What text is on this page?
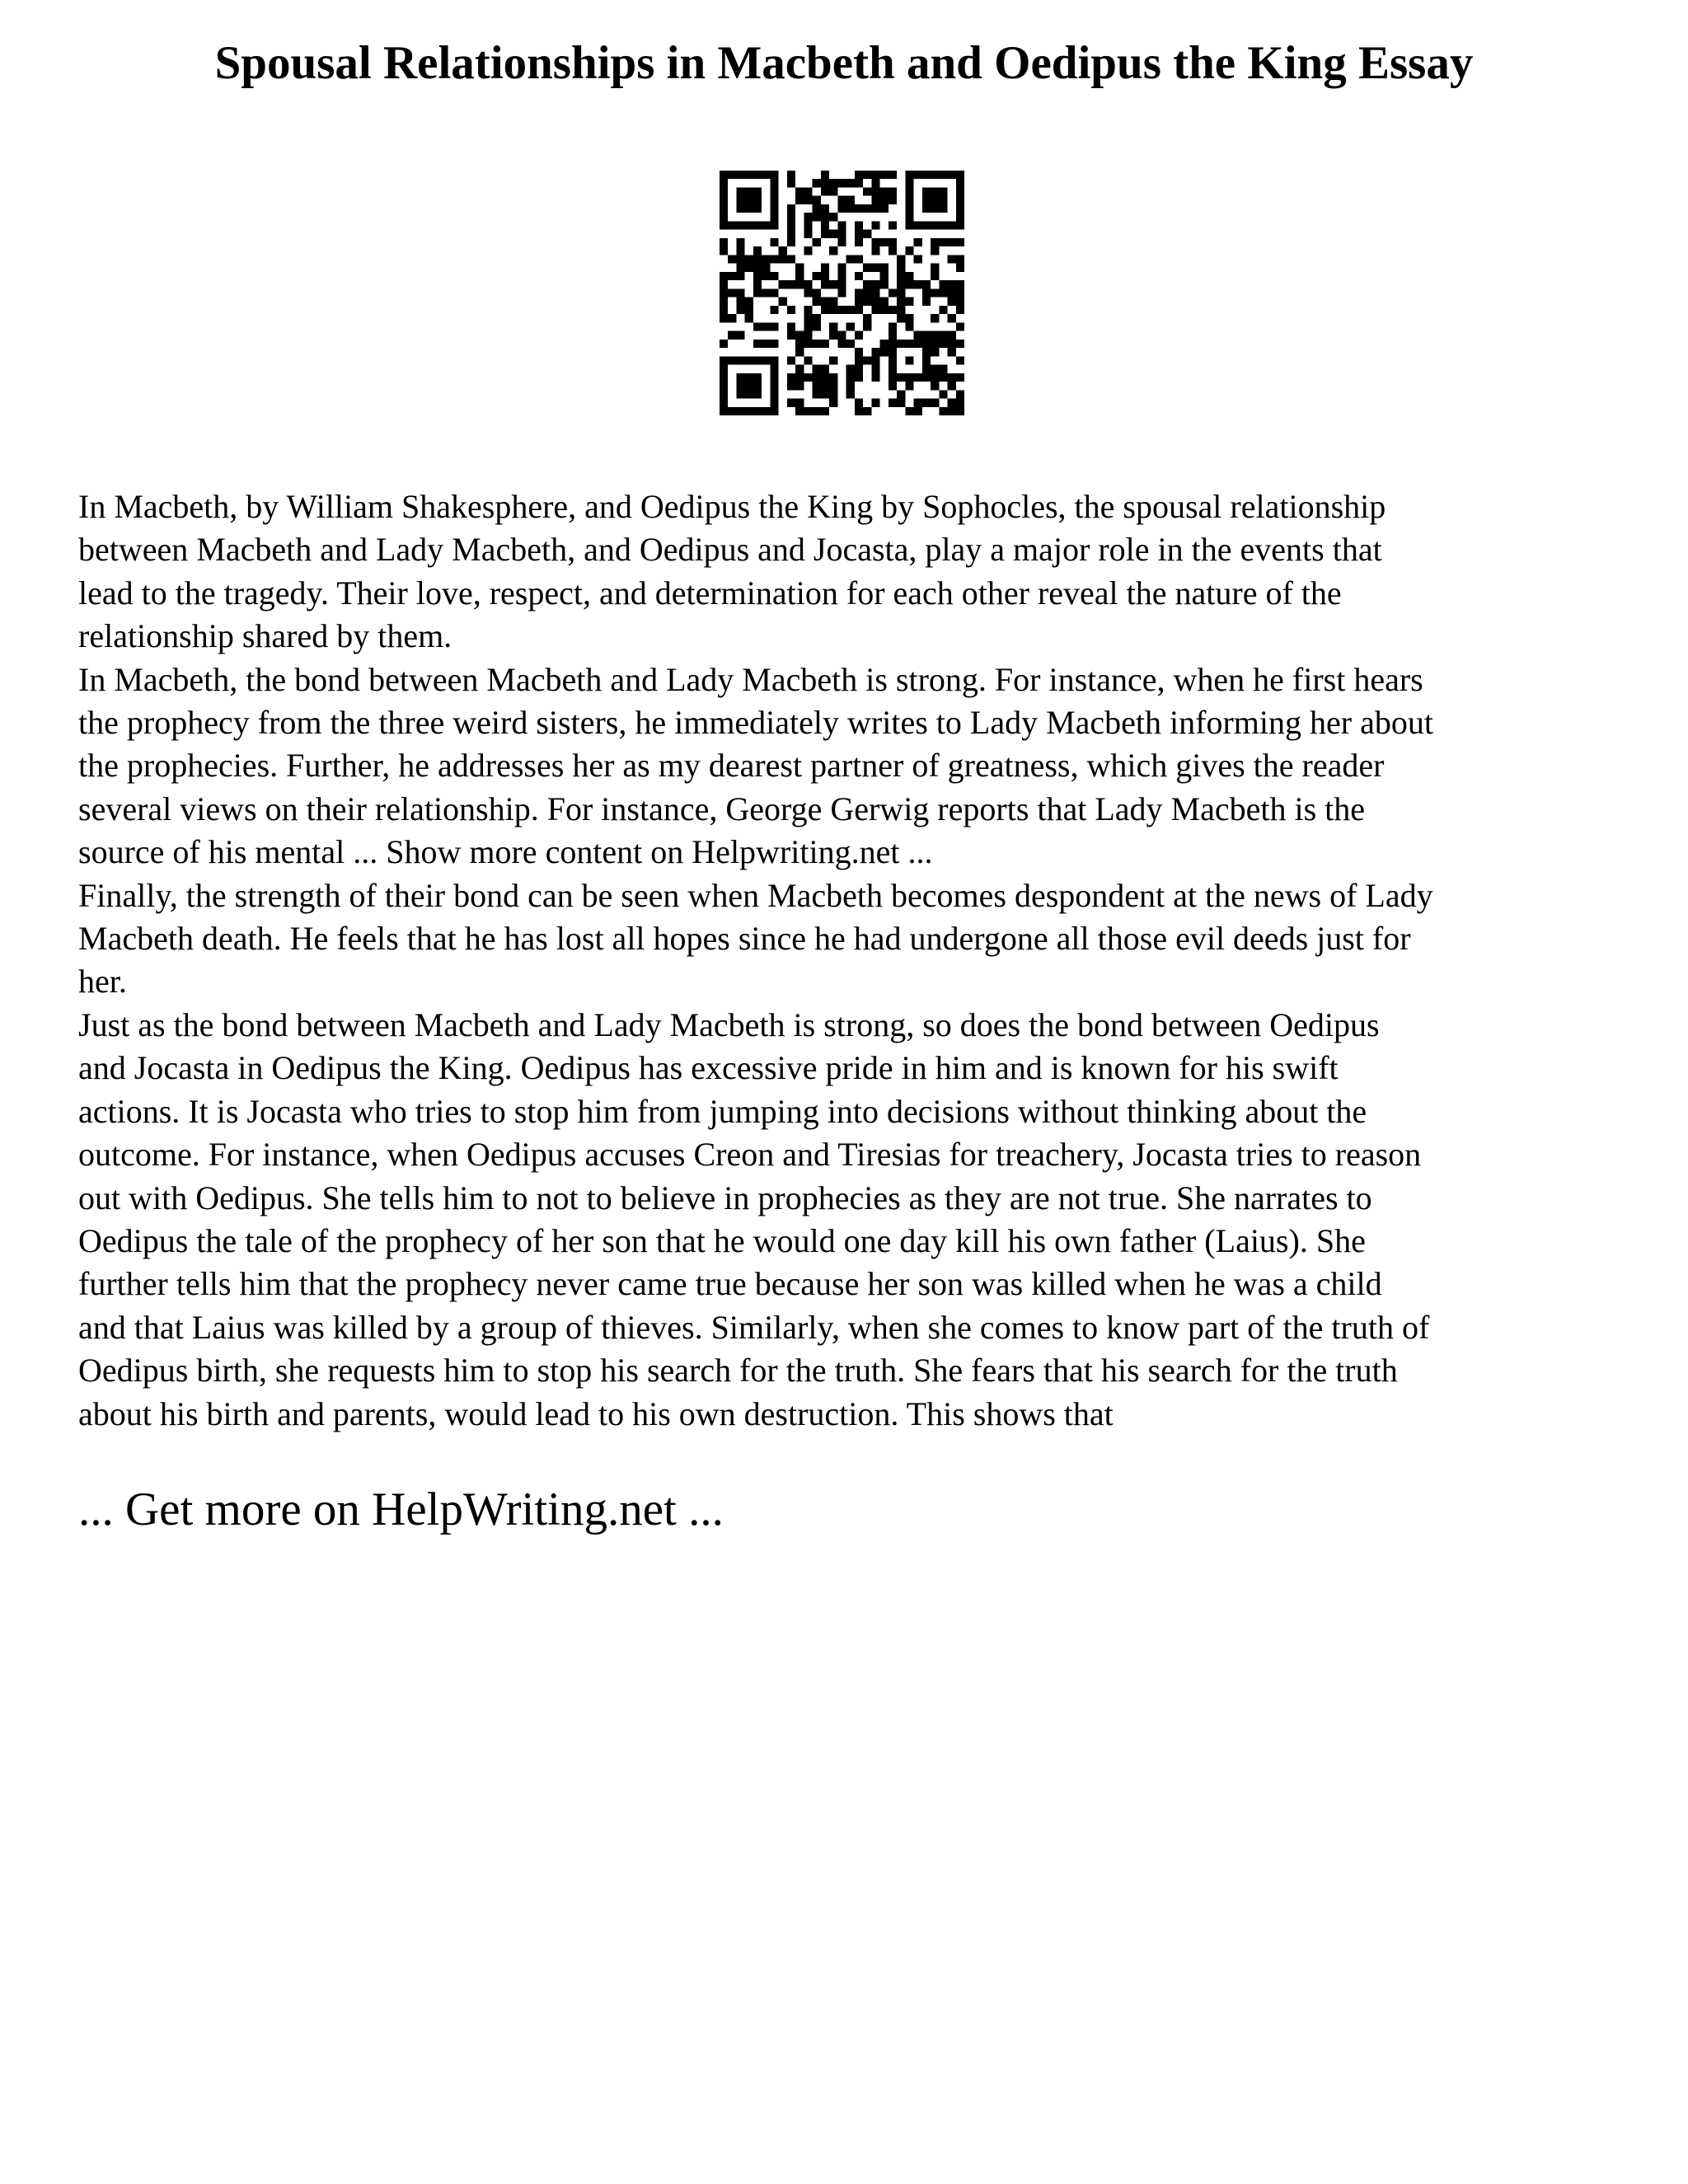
Spousal Relationships in Macbeth and Oedipus the King Essay

In Macbeth, by William Shakesphere, and Oedipus the King by Sophocles, the spousal relationship
between Macbeth and Lady Macbeth, and Oedipus and Jocasta, play a major role in the events that
lead to the tragedy. Their love, respect, and determination for each other reveal the nature of the
relationship shared by them.

In Macbeth, the bond between Macbeth and Lady Macbeth is strong. For instance, when he first hears
the prophecy from the three weird sisters, he immediately writes to Lady Macbeth informing her about
the prophecies. Further, he addresses her as my dearest partner of greatness, which gives the reader
several views on their relationship. For instance, George Gerwig reports that Lady Macbeth is the
source of his mental ... Show more content on Helpwriting.net ...

Finally, the strength of their bond can be seen when Macbeth becomes despondent at the news of Lady
Macbeth death. He feels that he has lost all hopes since he had undergone all those evil deeds just for
her.

Just as the bond between Macbeth and Lady Macbeth is strong, so does the bond between Oedipus
and Jocasta in Oedipus the King. Oedipus has excessive pride in him and is known for his swift
actions. It is Jocasta who tries to stop him from jumping into decisions without thinking about the
outcome. For instance, when Oedipus accuses Creon and Tiresias for treachery, Jocasta tries to reason
out with Oedipus. She tells him to not to believe in prophecies as they are not true. She narrates to
Oedipus the tale of the prophecy of her son that he would one day kill his own father (Laius). She
further tells him that the prophecy never came true because her son was killed when he was a child
and that Laius was killed by a group of thieves. Similarly, when she comes to know part of the truth of
Oedipus birth, she requests him to stop his search for the truth. She fears that his search for the truth
about his birth and parents, would lead to his own destruction. This shows that

... Get more on HelpWriting.net ...
